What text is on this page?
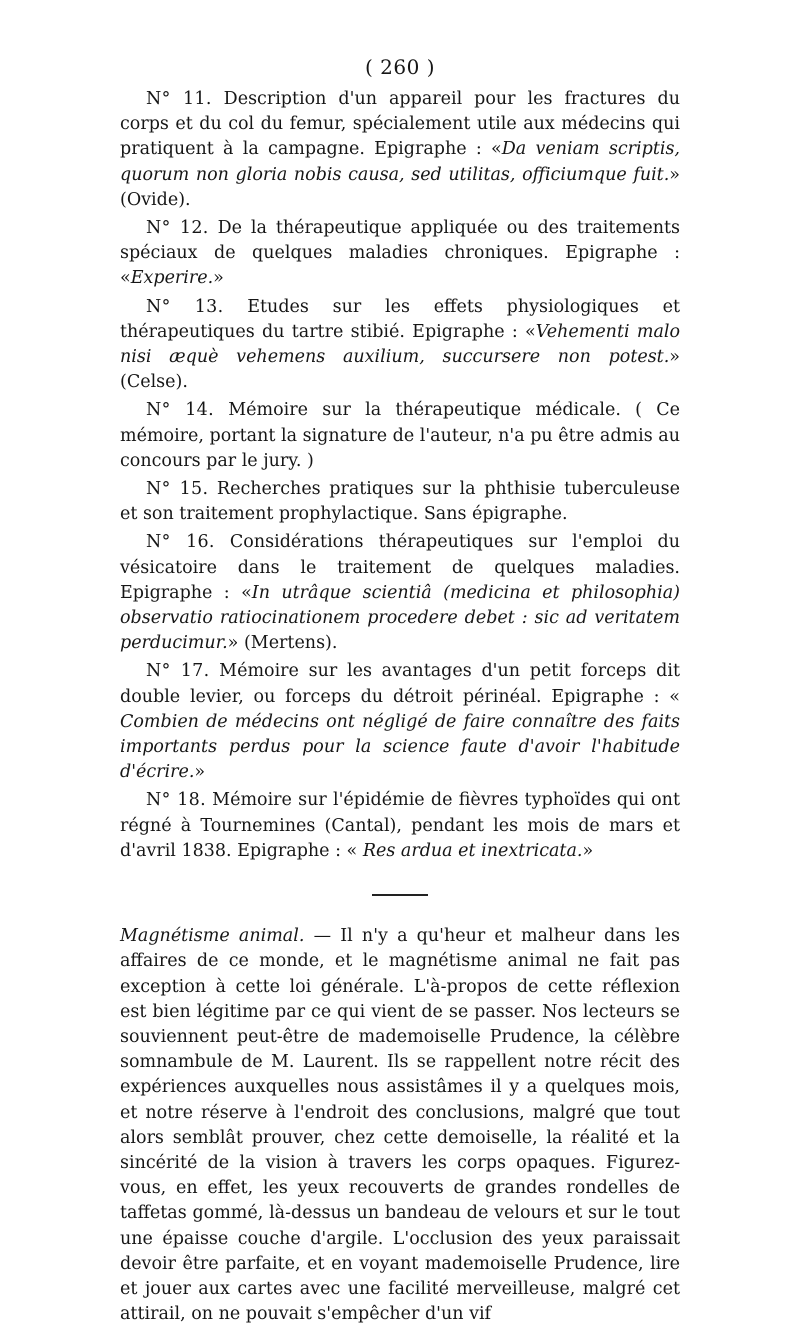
( 260 )

N° 11. Description d'un appareil pour les fractures du corps et du col du femur, spécialement utile aux médecins qui pratiquent à la campagne. Epigraphe : «Da veniam scriptis, quorum non gloria nobis causa, sed utilitas, officiumque fuit.» (Ovide).

N° 12. De la thérapeutique appliquée ou des traitements spéciaux de quelques maladies chroniques. Epigraphe : «Experire.»

N° 13. Etudes sur les effets physiologiques et thérapeutiques du tartre stibié. Epigraphe : «Vehementi malo nisi æquè vehemens auxilium, succursere non potest.» (Celse).

N° 14. Mémoire sur la thérapeutique médicale. ( Ce mémoire, portant la signature de l'auteur, n'a pu être admis au concours par le jury. )

N° 15. Recherches pratiques sur la phthisie tuberculeuse et son traitement prophylactique. Sans épigraphe.

N° 16. Considérations thérapeutiques sur l'emploi du vésicatoire dans le traitement de quelques maladies. Epigraphe : «In utrâque scientiâ (medicina et philosophia) observatio ratiocinationem procedere debet : sic ad veritatem perducimur.» (Mertens).

N° 17. Mémoire sur les avantages d'un petit forceps dit double levier, ou forceps du détroit périnéal. Epigraphe : « Combien de médecins ont négligé de faire connaître des faits importants perdus pour la science faute d'avoir l'habitude d'écrire.»

N° 18. Mémoire sur l'épidémie de fièvres typhoïdes qui ont régné à Tournemines (Cantal), pendant les mois de mars et d'avril 1838. Epigraphe : « Res ardua et inextricata.»

Magnétisme animal. — Il n'y a qu'heur et malheur dans les affaires de ce monde, et le magnétisme animal ne fait pas exception à cette loi générale. L'à-propos de cette réflexion est bien légitime par ce qui vient de se passer. Nos lecteurs se souviennent peut-être de mademoiselle Prudence, la célèbre somnambule de M. Laurent. Ils se rappellent notre récit des expériences auxquelles nous assistâmes il y a quelques mois, et notre réserve à l'endroit des conclusions, malgré que tout alors semblât prouver, chez cette demoiselle, la réalité et la sincérité de la vision à travers les corps opaques. Figurez-vous, en effet, les yeux recouverts de grandes rondelles de taffetas gommé, là-dessus un bandeau de velours et sur le tout une épaisse couche d'argile. L'occlusion des yeux paraissait devoir être parfaite, et en voyant mademoiselle Prudence, lire et jouer aux cartes avec une facilité merveilleuse, malgré cet attirail, on ne pouvait s'empêcher d'un vif
